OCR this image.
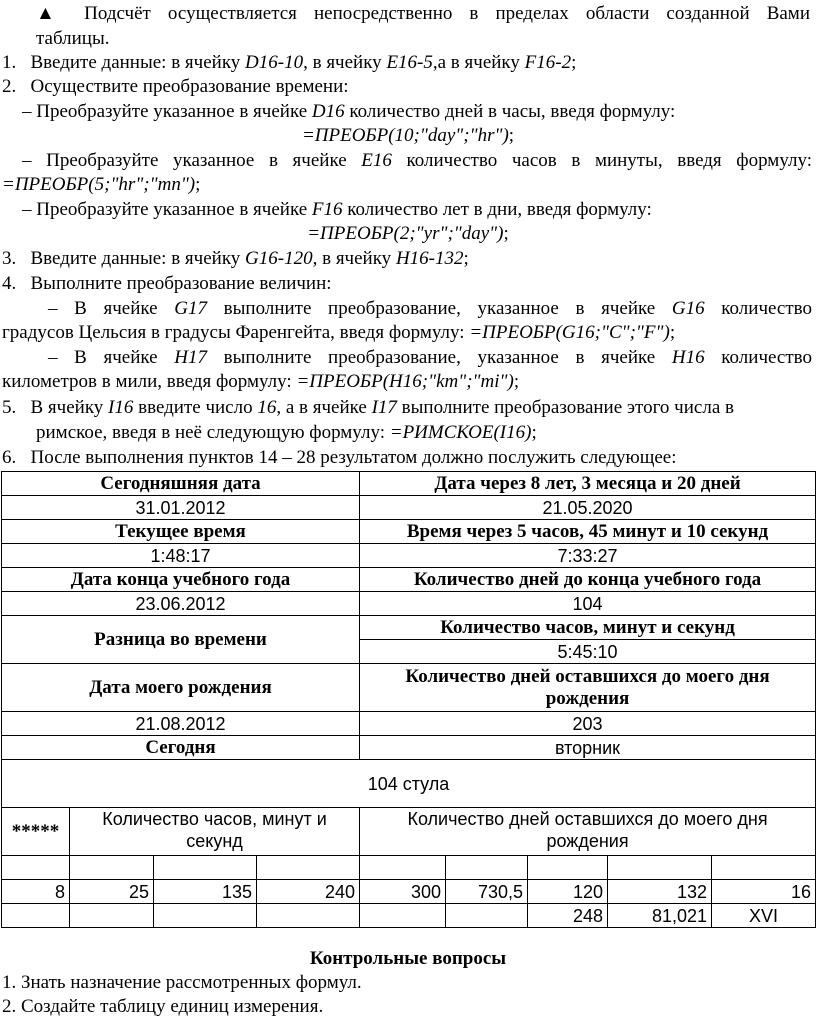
▲ Подсчёт осуществляется непосредственно в пределах области созданной Вами
таблицы.
1. Введите данные: в ячейку D16-10, в ячейку E16-5,а в ячейку F16-2;
2. Осуществите преобразование времени:
‒ Преобразуйте указанное в ячейке D16 количество дней в часы, введя формулу:
=ПРЕОБР(10;"day";"hr");
‒ Преобразуйте указанное в ячейке E16 количество часов в минуты, введя формулу:
=ПРЕОБР(5;"hr";"mn");
‒ Преобразуйте указанное в ячейке F16 количество лет в дни, введя формулу:
=ПРЕОБР(2;"yr";"day");
3. Введите данные: в ячейку G16-120, в ячейку H16-132;
4. Выполните преобразование величин:
– В ячейке G17 выполните преобразование, указанное в ячейке G16 количество
градусов Цельсия в градусы Фаренгейта, введя формулу: =ПРЕОБР(G16;"C";"F");
– В ячейке H17 выполните преобразование, указанное в ячейке H16 количество
километров в мили, введя формулу: =ПРЕОБР(H16;"km";"mi");
5. В ячейку I16 введите число 16, а в ячейке I17 выполните преобразование этого числа в
римское, введя в неё следующую формулу: =РИМСКОЕ(I16);
6. После выполнения пунктов 14 – 28 результатом должно послужить следующее:
Сегодняшняя дата				Дата через 8 лет, 3 месяца и 20 дней				
31.01.2012				21.05.2020				
Текущее время				Время через 5 часов, 45 минут и 10 секунд				
1:48:17				7:33:27				
Дата конца учебного года				Количество дней до конца учебного года				
23.06.2012				104				
Разница во времени				Количество часов, минут и секунд				
				5:45:10				
Дата моего рождения				Количество дней оставшихся до моего дня рождения				
21.08.2012				203				
Сегодня				вторник				
104 стула								
*****	Количество часов, минут и секунд			Количество дней оставшихся до моего дня рождения				

8	25	135	240	300	730,5	120	132	16
						248	81,021	XVI
Контрольные вопросы
1. Знать назначение рассмотренных формул.
2. Создайте таблицу единиц измерения.
